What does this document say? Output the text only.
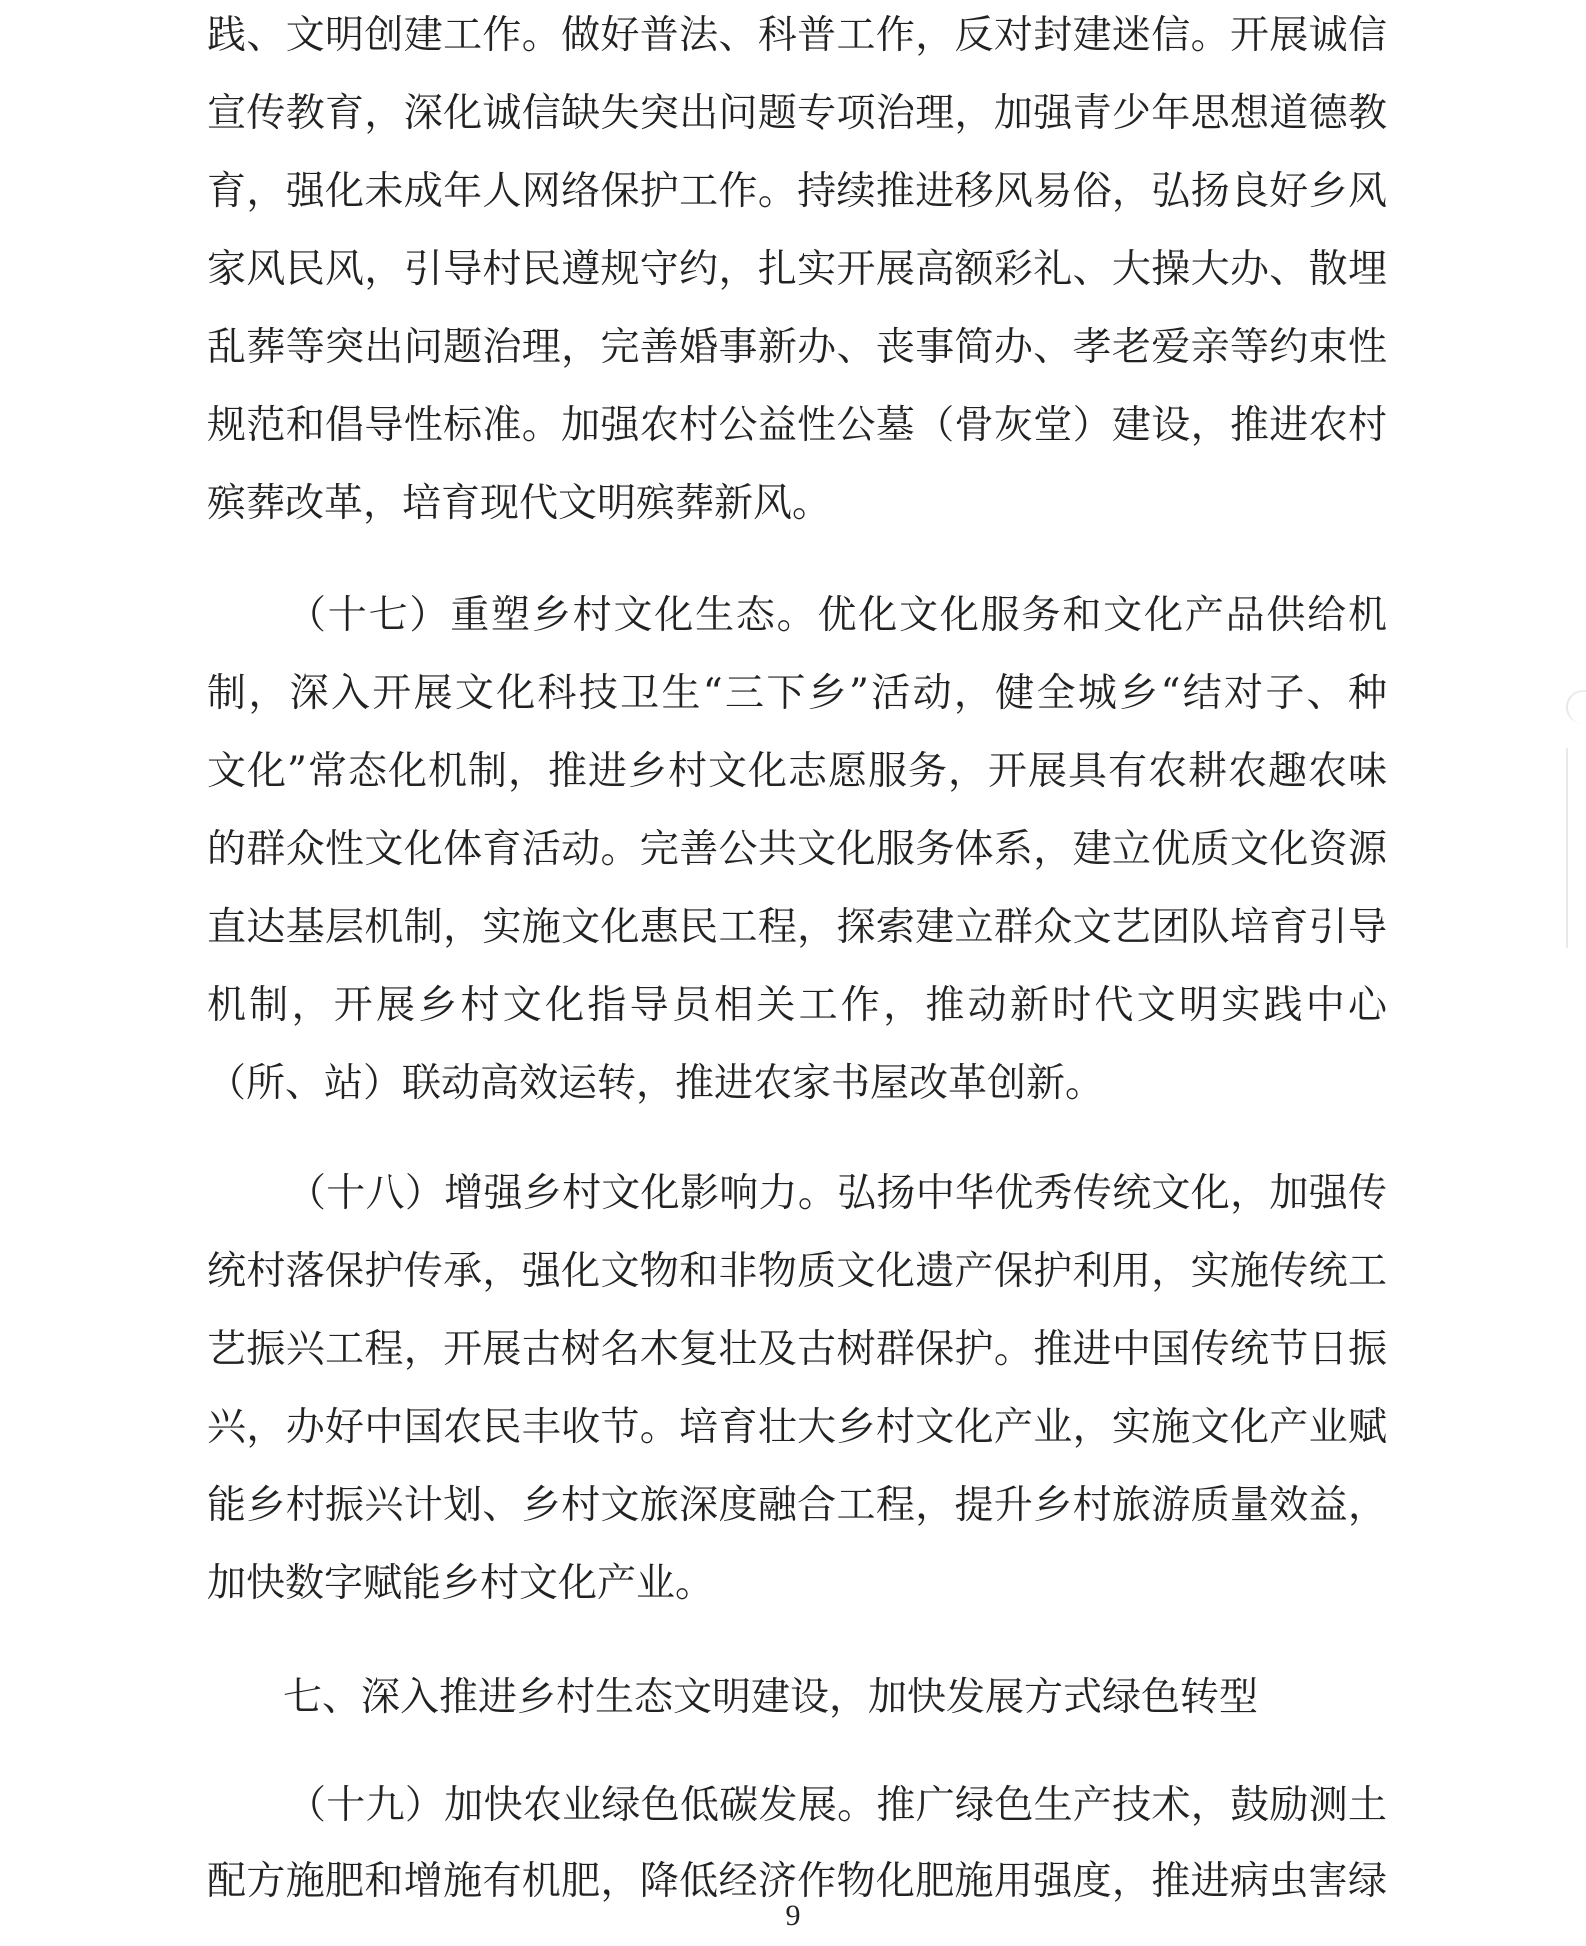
践、文明创建工作。做好普法、科普工作，反对封建迷信。开展诚信
宣传教育，深化诚信缺失突出问题专项治理，加强青少年思想道德教
育，强化未成年人网络保护工作。持续推进移风易俗，弘扬良好乡风
家风民风，引导村民遵规守约，扎实开展高额彩礼、大操大办、散埋
乱葬等突出问题治理，完善婚事新办、丧事简办、孝老爱亲等约束性
规范和倡导性标准。加强农村公益性公墓（骨灰堂）建设，推进农村
殡葬改革，培育现代文明殡葬新风。
（十七）重塑乡村文化生态。优化文化服务和文化产品供给机
制，深入开展文化科技卫生“三下乡”活动，健全城乡“结对子、种
文化”常态化机制，推进乡村文化志愿服务，开展具有农耕农趣农味
的群众性文化体育活动。完善公共文化服务体系，建立优质文化资源
直达基层机制，实施文化惠民工程，探索建立群众文艺团队培育引导
机制，开展乡村文化指导员相关工作，推动新时代文明实践中心
（所、站）联动高效运转，推进农家书屋改革创新。
（十八）增强乡村文化影响力。弘扬中华优秀传统文化，加强传
统村落保护传承，强化文物和非物质文化遗产保护利用，实施传统工
艺振兴工程，开展古树名木复壮及古树群保护。推进中国传统节日振
兴，办好中国农民丰收节。培育壮大乡村文化产业，实施文化产业赋
能乡村振兴计划、乡村文旅深度融合工程，提升乡村旅游质量效益，
加快数字赋能乡村文化产业。
七、深入推进乡村生态文明建设，加快发展方式绿色转型
（十九）加快农业绿色低碳发展。推广绿色生产技术，鼓励测土
配方施肥和增施有机肥，降低经济作物化肥施用强度，推进病虫害绿
9
